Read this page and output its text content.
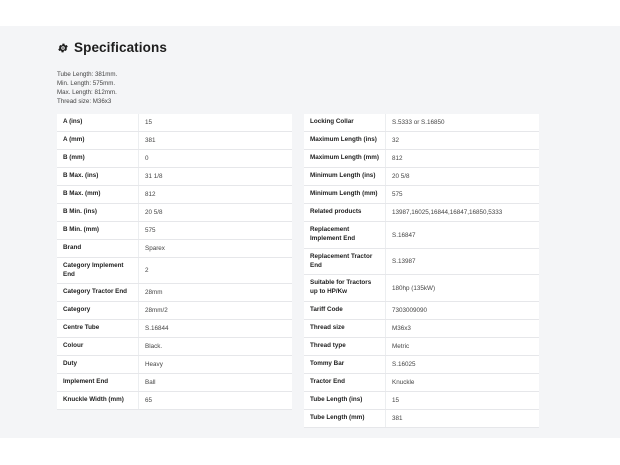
Specifications
Tube Length: 381mm.
Min. Length: 575mm.
Max. Length: 812mm.
Thread size: M36x3
A (ins)	15
A (mm)	381
B (mm)	0
B Max. (ins)	31 1/8
B Max. (mm)	812
B Min. (ins)	20 5/8
B Min. (mm)	575
Brand	Sparex
Category Implement End	2
Category Tractor End	28mm
Category	28mm/2
Centre Tube	S.16844
Colour	Black.
Duty	Heavy
Implement End	Ball
Knuckle Width (mm)	65
Locking Collar	S.5333 or S.16850
Maximum Length (ins)	32
Maximum Length (mm)	812
Minimum Length (ins)	20 5/8
Minimum Length (mm)	575
Related products	13987,16025,16844,16847,16850,5333
Replacement Implement End	S.16847
Replacement Tractor End	S.13987
Suitable for Tractors up to HP/Kw	180hp (135kW)
Tariff Code	7303009090
Thread size	M36x3
Thread type	Metric
Tommy Bar	S.16025
Tractor End	Knuckle
Tube Length (ins)	15
Tube Length (mm)	381
